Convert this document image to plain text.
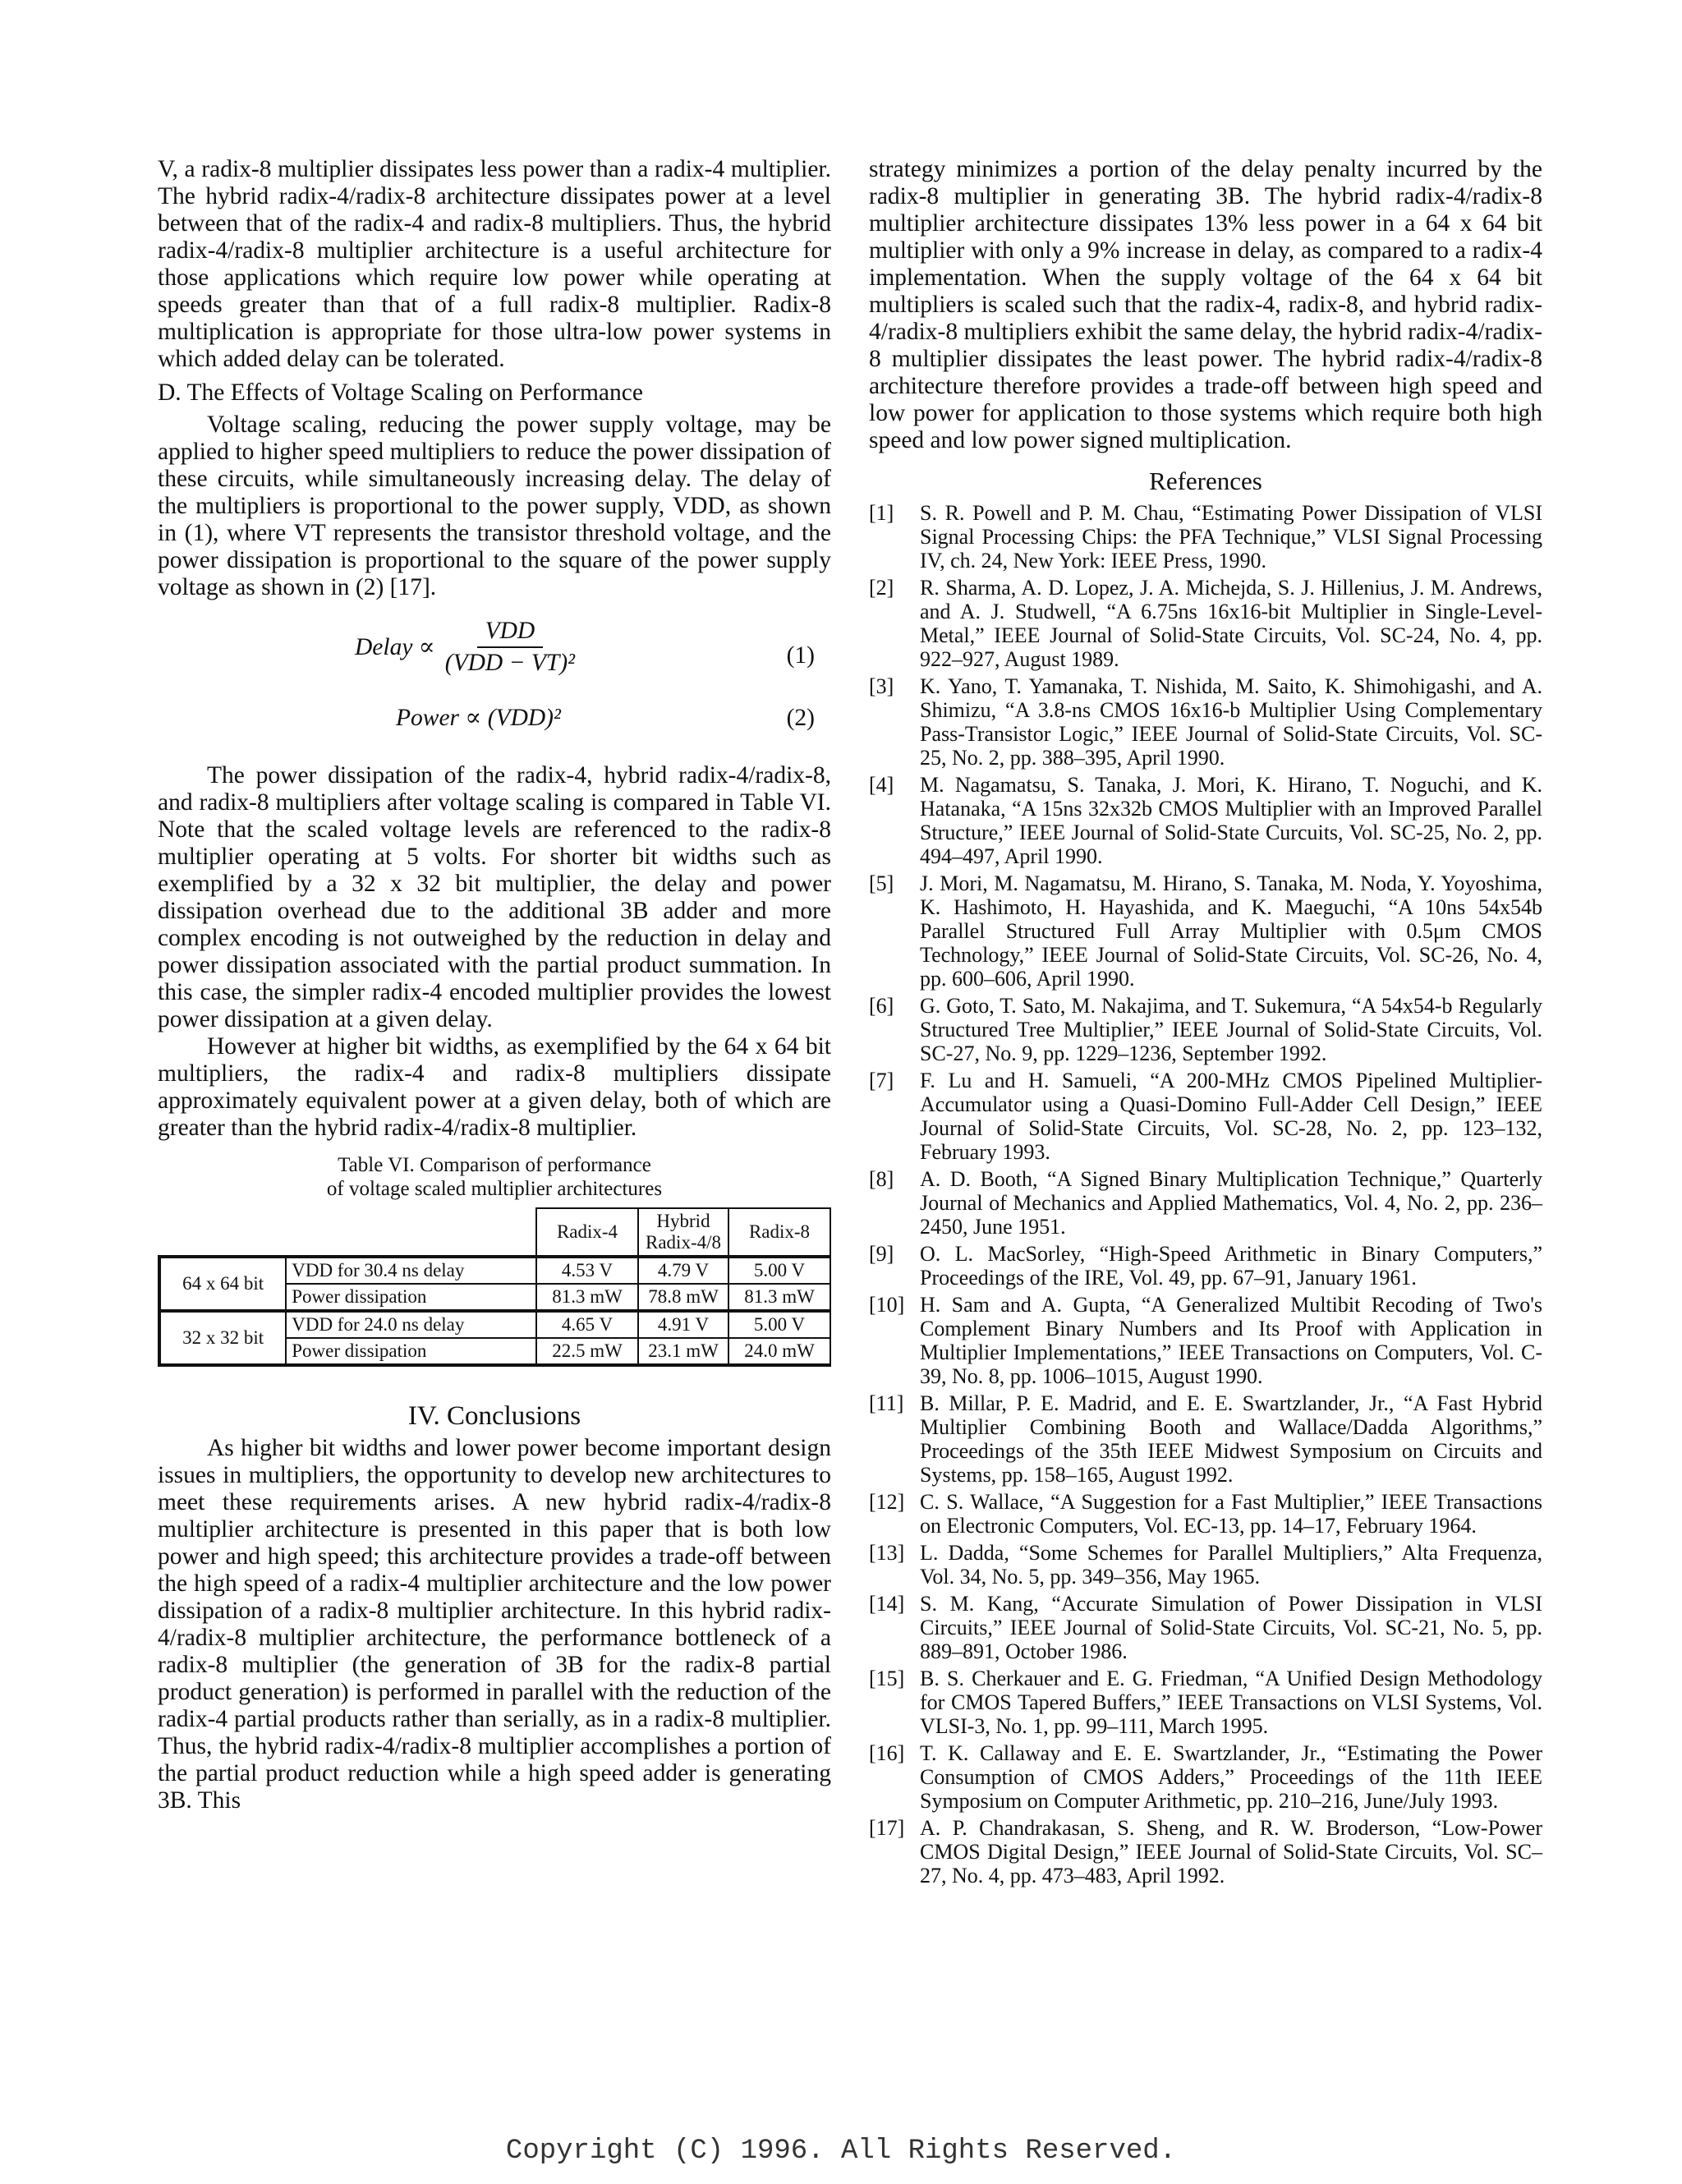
V, a radix-8 multiplier dissipates less power than a radix-4 multiplier. The hybrid radix-4/radix-8 architecture dissipates power at a level between that of the radix-4 and radix-8 multipliers. Thus, the hybrid radix-4/radix-8 multiplier architecture is a useful architecture for those applications which require low power while operating at speeds greater than that of a full radix-8 multiplier. Radix-8 multiplication is appropriate for those ultra-low power systems in which added delay can be tolerated.

D. The Effects of Voltage Scaling on Performance

Voltage scaling, reducing the power supply voltage, may be applied to higher speed multipliers to reduce the power dissipation of these circuits, while simultaneously increasing delay. The delay of the multipliers is proportional to the power supply, VDD, as shown in (1), where VT represents the transistor threshold voltage, and the power dissipation is proportional to the square of the power supply voltage as shown in (2) [17].

Delay ∝ $\frac{\text{VDD}}{\text{(VDD − VT)²}}$	(1)
Power ∝ (VDD)²	(2)

The power dissipation of the radix-4, hybrid radix-4/radix-8, and radix-8 multipliers after voltage scaling is compared in Table VI. Note that the scaled voltage levels are referenced to the radix-8 multiplier operating at 5 volts. For shorter bit widths such as exemplified by a 32 x 32 bit multiplier, the delay and power dissipation overhead due to the additional 3B adder and more complex encoding is not outweighed by the reduction in delay and power dissipation associated with the partial product summation. In this case, the simpler radix-4 encoded multiplier provides the lowest power dissipation at a given delay.

However at higher bit widths, as exemplified by the 64 x 64 bit multipliers, the radix-4 and radix-8 multipliers dissipate approximately equivalent power at a given delay, both of which are greater than the hybrid radix-4/radix-8 multiplier.

Table VI. Comparison of performance
of voltage scaled multiplier architectures
		Radix-4	Hybrid Radix-4/8	Radix-8
64 x 64 bit	VDD for 30.4 ns delay	4.53 V	4.79 V	5.00 V
	Power dissipation	81.3 mW	78.8 mW	81.3 mW
32 x 32 bit	VDD for 24.0 ns delay	4.65 V	4.91 V	5.00 V
	Power dissipation	22.5 mW	23.1 mW	24.0 mW
IV. Conclusions

As higher bit widths and lower power become important design issues in multipliers, the opportunity to develop new architectures to meet these requirements arises. A new hybrid radix-4/radix-8 multiplier architecture is presented in this paper that is both low power and high speed; this architecture provides a trade-off between the high speed of a radix-4 multiplier architecture and the low power dissipation of a radix-8 multiplier architecture. In this hybrid radix-4/radix-8 multiplier architecture, the performance bottleneck of a radix-8 multiplier (the generation of 3B for the radix-8 partial product generation) is performed in parallel with the reduction of the radix-4 partial products rather than serially, as in a radix-8 multiplier. Thus, the hybrid radix-4/radix-8 multiplier accomplishes a portion of the partial product reduction while a high speed adder is generating 3B. This

strategy minimizes a portion of the delay penalty incurred by the radix-8 multiplier in generating 3B. The hybrid radix-4/radix-8 multiplier architecture dissipates 13% less power in a 64 x 64 bit multiplier with only a 9% increase in delay, as compared to a radix-4 implementation. When the supply voltage of the 64 x 64 bit multipliers is scaled such that the radix-4, radix-8, and hybrid radix-4/radix-8 multipliers exhibit the same delay, the hybrid radix-4/radix-8 multiplier dissipates the least power. The hybrid radix-4/radix-8 architecture therefore provides a trade-off between high speed and low power for application to those systems which require both high speed and low power signed multiplication.

References
[1]	S. R. Powell and P. M. Chau, “Estimating Power Dissipation of VLSI Signal Processing Chips: the PFA Technique,” VLSI Signal Processing IV, ch. 24, New York: IEEE Press, 1990.
[2]	R. Sharma, A. D. Lopez, J. A. Michejda, S. J. Hillenius, J. M. Andrews, and A. J. Studwell, “A 6.75ns 16x16-bit Multiplier in Single-Level-Metal,” IEEE Journal of Solid-State Circuits, Vol. SC-24, No. 4, pp. 922–927, August 1989.
[3]	K. Yano, T. Yamanaka, T. Nishida, M. Saito, K. Shimohigashi, and A. Shimizu, “A 3.8-ns CMOS 16x16-b Multiplier Using Complementary Pass-Transistor Logic,” IEEE Journal of Solid-State Circuits, Vol. SC-25, No. 2, pp. 388–395, April 1990.
[4]	M. Nagamatsu, S. Tanaka, J. Mori, K. Hirano, T. Noguchi, and K. Hatanaka, “A 15ns 32x32b CMOS Multiplier with an Improved Parallel Structure,” IEEE Journal of Solid-State Curcuits, Vol. SC-25, No. 2, pp. 494–497, April 1990.
[5]	J. Mori, M. Nagamatsu, M. Hirano, S. Tanaka, M. Noda, Y. Yoyoshima, K. Hashimoto, H. Hayashida, and K. Maeguchi, “A 10ns 54x54b Parallel Structured Full Array Multiplier with 0.5μm CMOS Technology,” IEEE Journal of Solid-State Circuits, Vol. SC-26, No. 4, pp. 600–606, April 1990.
[6]	G. Goto, T. Sato, M. Nakajima, and T. Sukemura, “A 54x54-b Regularly Structured Tree Multiplier,” IEEE Journal of Solid-State Circuits, Vol. SC-27, No. 9, pp. 1229–1236, September 1992.
[7]	F. Lu and H. Samueli, “A 200-MHz CMOS Pipelined Multiplier-Accumulator using a Quasi-Domino Full-Adder Cell Design,” IEEE Journal of Solid-State Circuits, Vol. SC-28, No. 2, pp. 123–132, February 1993.
[8]	A. D. Booth, “A Signed Binary Multiplication Technique,” Quarterly Journal of Mechanics and Applied Mathematics, Vol. 4, No. 2, pp. 236–2450, June 1951.
[9]	O. L. MacSorley, “High-Speed Arithmetic in Binary Computers,” Proceedings of the IRE, Vol. 49, pp. 67–91, January 1961.
[10] H. Sam and A. Gupta, “A Generalized Multibit Recoding of Two's Complement Binary Numbers and Its Proof with Application in Multiplier Implementations,” IEEE Transactions on Computers, Vol. C-39, No. 8, pp. 1006–1015, August 1990.
[11] B. Millar, P. E. Madrid, and E. E. Swartzlander, Jr., “A Fast Hybrid Multiplier Combining Booth and Wallace/Dadda Algorithms,” Proceedings of the 35th IEEE Midwest Symposium on Circuits and Systems, pp. 158–165, August 1992.
[12] C. S. Wallace, “A Suggestion for a Fast Multiplier,” IEEE Transactions on Electronic Computers, Vol. EC-13, pp. 14–17, February 1964.
[13] L. Dadda, “Some Schemes for Parallel Multipliers,” Alta Frequenza, Vol. 34, No. 5, pp. 349–356, May 1965.
[14] S. M. Kang, “Accurate Simulation of Power Dissipation in VLSI Circuits,” IEEE Journal of Solid-State Circuits, Vol. SC-21, No. 5, pp. 889–891, October 1986.
[15] B. S. Cherkauer and E. G. Friedman, “A Unified Design Methodology for CMOS Tapered Buffers,” IEEE Transactions on VLSI Systems, Vol. VLSI-3, No. 1, pp. 99–111, March 1995.
[16] T. K. Callaway and E. E. Swartzlander, Jr., “Estimating the Power Consumption of CMOS Adders,” Proceedings of the 11th IEEE Symposium on Computer Arithmetic, pp. 210–216, June/July 1993.
[17] A. P. Chandrakasan, S. Sheng, and R. W. Broderson, “Low-Power CMOS Digital Design,” IEEE Journal of Solid-State Circuits, Vol. SC–27, No. 4, pp. 473–483, April 1992.
Copyright (C) 1996. All Rights Reserved.
